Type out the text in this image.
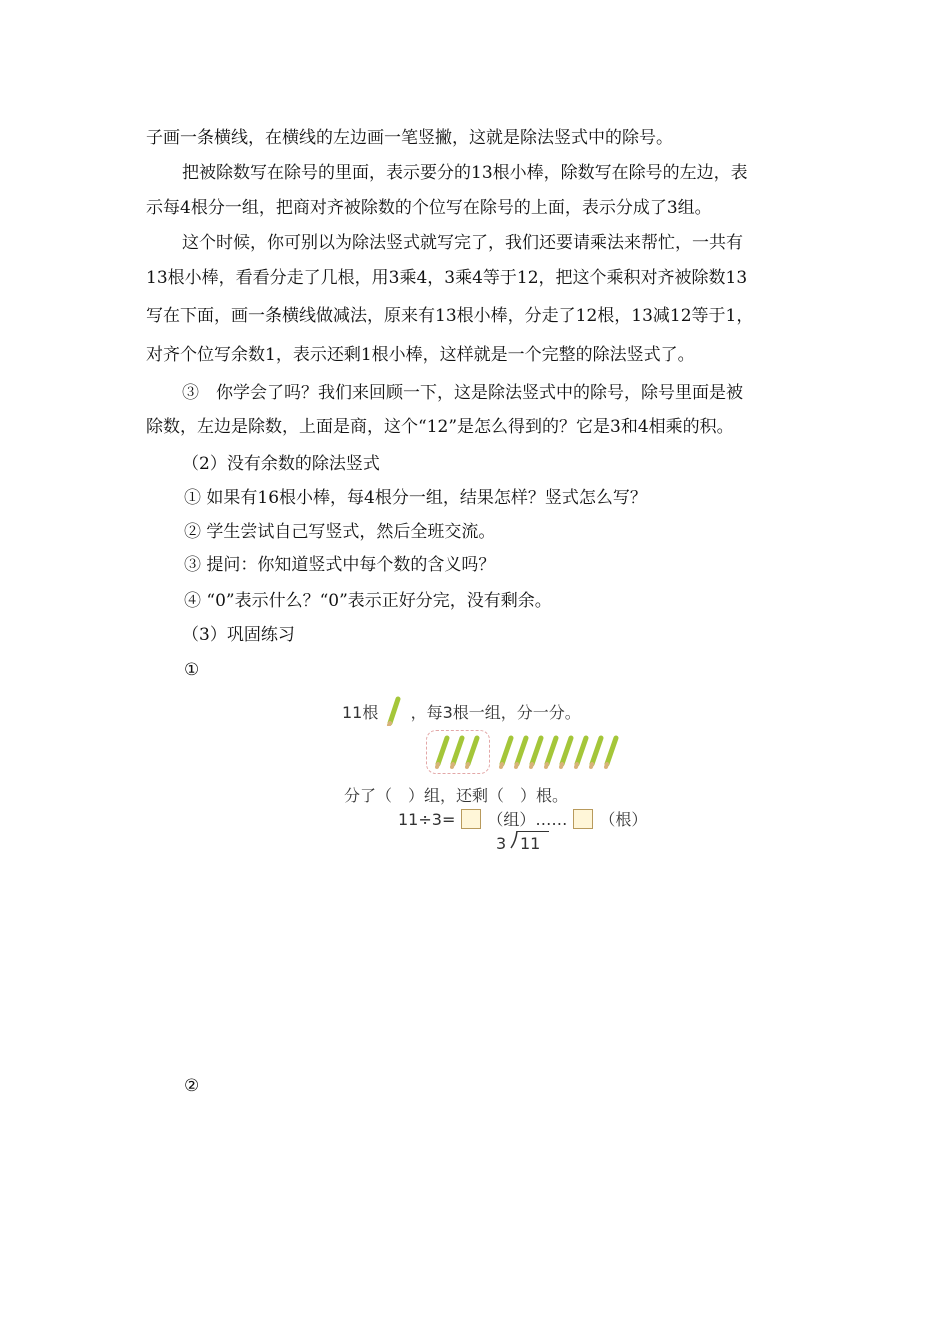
子画一条横线，在横线的左边画一笔竖撇，这就是除法竖式中的除号。
把被除数写在除号的里面，表示要分的13根小棒，除数写在除号的左边，表
示每4根分一组，把商对齐被除数的个位写在除号的上面，表示分成了3组。
这个时候，你可别以为除法竖式就写完了，我们还要请乘法来帮忙，一共有
13根小棒，看看分走了几根，用3乘4，3乘4等于12，把这个乘积对齐被除数13
写在下面，画一条横线做减法，原来有13根小棒，分走了12根，13减12等于1，
对齐个位写余数1，表示还剩1根小棒，这样就是一个完整的除法竖式了。
③　你学会了吗？我们来回顾一下，这是除法竖式中的除号，除号里面是被
除数，左边是除数，上面是商，这个“12”是怎么得到的？它是3和4相乘的积。
（2）没有余数的除法竖式
① 如果有16根小棒，每4根分一组，结果怎样？竖式怎么写？
② 学生尝试自己写竖式，然后全班交流。
③ 提问：你知道竖式中每个数的含义吗？
④ “0”表示什么？“0”表示正好分完，没有剩余。
（3）巩固练习
①
②
11根 ，每3根一组，分一分。
分了（　）组，还剩（　）根。
11÷3= （组）…… （根）
3 11
